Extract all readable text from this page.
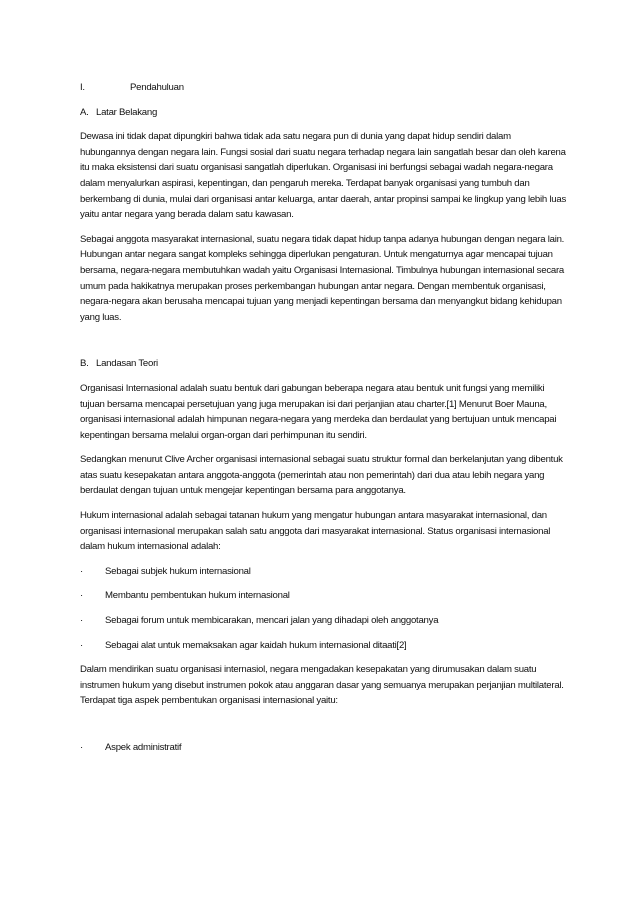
I.	Pendahuluan
A. Latar Belakang

Dewasa ini tidak dapat dipungkiri bahwa tidak ada satu negara pun di dunia yang dapat hidup sendiri dalam hubungannya dengan negara lain. Fungsi sosial dari suatu negara terhadap negara lain sangatlah besar dan oleh karena itu maka eksistensi dari suatu organisasi sangatlah diperlukan. Organisasi ini berfungsi sebagai wadah negara-negara dalam menyalurkan aspirasi, kepentingan, dan pengaruh mereka. Terdapat banyak organisasi yang tumbuh dan berkembang di dunia, mulai dari organisasi antar keluarga, antar daerah, antar propinsi sampai ke lingkup yang lebih luas yaitu antar negara yang berada dalam satu kawasan.

Sebagai anggota masyarakat internasional, suatu negara tidak dapat hidup tanpa adanya hubungan dengan negara lain. Hubungan antar negara sangat kompleks sehingga diperlukan pengaturan. Untuk mengaturnya agar mencapai tujuan bersama, negara-negara membutuhkan wadah yaitu Organisasi Internasional. Timbulnya hubungan internasional secara umum pada hakikatnya merupakan proses perkembangan hubungan antar negara. Dengan membentuk organisasi, negara-negara akan berusaha mencapai tujuan yang menjadi kepentingan bersama dan menyangkut bidang kehidupan yang luas.

B. Landasan Teori

Organisasi Internasional adalah suatu bentuk dari gabungan beberapa negara atau bentuk unit fungsi yang memiliki tujuan bersama mencapai persetujuan yang juga merupakan isi dari perjanjian atau charter.[1] Menurut Boer Mauna, organisasi internasional adalah himpunan negara-negara yang merdeka dan berdaulat yang bertujuan untuk mencapai kepentingan bersama melalui organ-organ dari perhimpunan itu sendiri.

Sedangkan menurut Clive Archer organisasi internasional sebagai suatu struktur formal dan berkelanjutan yang dibentuk atas suatu kesepakatan antara anggota-anggota (pemerintah atau non pemerintah) dari dua atau lebih negara yang berdaulat dengan tujuan untuk mengejar kepentingan bersama para anggotanya.

Hukum internasional adalah sebagai tatanan hukum yang mengatur hubungan antara masyarakat internasional, dan organisasi internasional merupakan salah satu anggota dari masyarakat internasional. Status organisasi internasional dalam hukum internasional adalah:

·	Sebagai subjek hukum internasional
·	Membantu pembentukan hukum internasional
·	Sebagai forum untuk membicarakan, mencari jalan yang dihadapi oleh anggotanya
·	Sebagai alat untuk memaksakan agar kaidah hukum internasional ditaati[2]

Dalam mendirikan suatu organisasi internasiol, negara mengadakan kesepakatan yang dirumusakan dalam suatu instrumen hukum yang disebut instrumen pokok atau anggaran dasar yang semuanya merupakan perjanjian multilateral. Terdapat tiga aspek pembentukan organisasi internasional yaitu:

·	Aspek administratif
